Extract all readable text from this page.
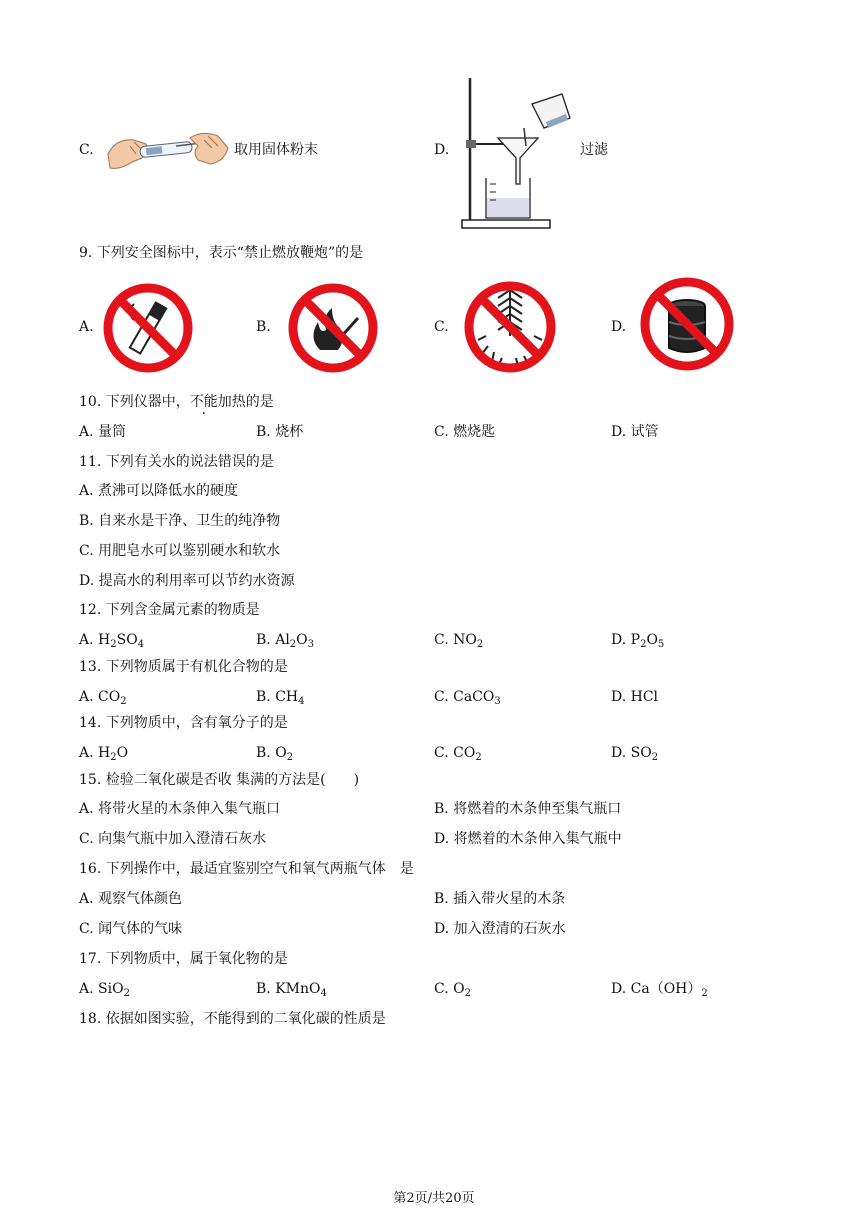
C.	取用固体粉末	D.	过滤
9. 下列安全图标中，表示“禁止燃放鞭炮”的是
A.	B.	C.	D.
10. 下列仪器中，不能加热的是
A. 量筒	B. 烧杯	C. 燃烧匙	D. 试管
11. 下列有关水的说法错误的是
A. 煮沸可以降低水的硬度
B. 自来水是干净、卫生的纯净物
C. 用肥皂水可以鉴别硬水和软水
D. 提高水的利用率可以节约水资源
12. 下列含金属元素的物质是
A. $H_2SO_4$	B. $Al_2O_3$	C. $NO_2$	D. $P_2O_5$
13. 下列物质属于有机化合物的是
A. $CO_2$	B. $CH_4$	C. CaCO$_3$	D. HCl
14. 下列物质中，含有氧分子的是
A. $H_2O$	B. $O_2$	C. $CO_2$	D. $SO_2$
15. 检验二氧化碳是否收 集满的方法是(　　)
A. 将带火星的木条伸入集气瓶口	B. 将燃着的木条伸至集气瓶口
C. 向集气瓶中加入澄清石灰水	D. 将燃着的木条伸入集气瓶中
16. 下列操作中，最适宜鉴别空气和氧气两瓶气体　是
A. 观察气体颜色	B. 插入带火星的木条
C. 闻气体的气味	D. 加入澄清的石灰水
17. 下列物质中，属于氧化物的是
A. SiO$_2$	B. KMnO$_4$	C. $O_2$	D. $Ca(OH)_2$
18. 依据如图实验，不能得到的二氧化碳的性质是
第2页/共20页
